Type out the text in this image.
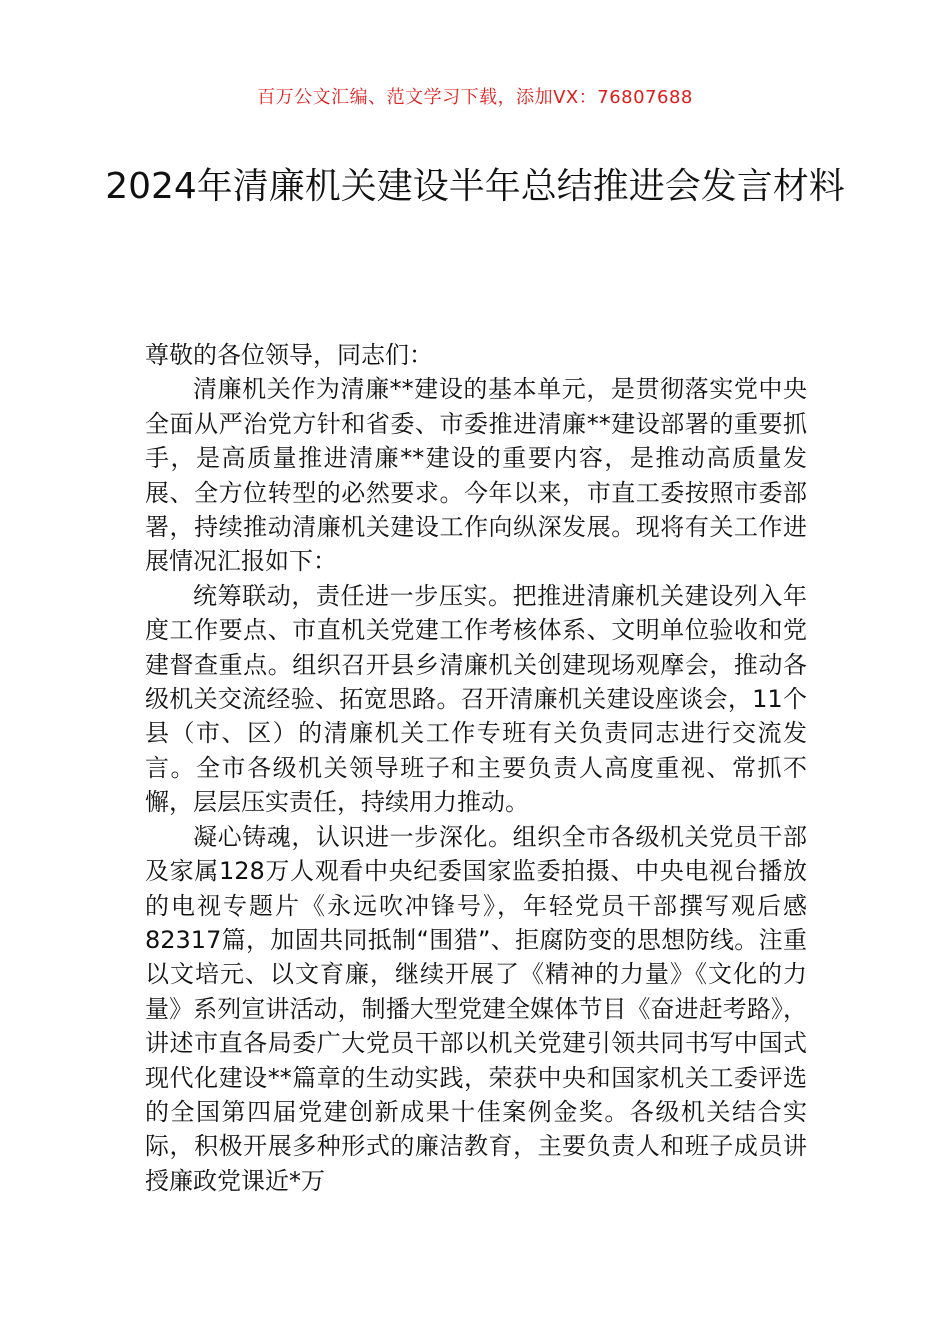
百万公文汇编、范文学习下载，添加VX：76807688
2024年清廉机关建设半年总结推进会发言材料

尊敬的各位领导，同志们：

清廉机关作为清廉**建设的基本单元，是贯彻落实党中央全面从严治党方针和省委、市委推进清廉**建设部署的重要抓手，是高质量推进清廉**建设的重要内容，是推动高质量发展、全方位转型的必然要求。今年以来，市直工委按照市委部署，持续推动清廉机关建设工作向纵深发展。现将有关工作进展情况汇报如下：

统筹联动，责任进一步压实。把推进清廉机关建设列入年度工作要点、市直机关党建工作考核体系、文明单位验收和党建督查重点。组织召开县乡清廉机关创建现场观摩会，推动各级机关交流经验、拓宽思路。召开清廉机关建设座谈会，11个县（市、区）的清廉机关工作专班有关负责同志进行交流发言。全市各级机关领导班子和主要负责人高度重视、常抓不懈，层层压实责任，持续用力推动。

凝心铸魂，认识进一步深化。组织全市各级机关党员干部及家属128万人观看中央纪委国家监委拍摄、中央电视台播放的电视专题片《永远吹冲锋号》，年轻党员干部撰写观后感82317篇，加固共同抵制“围猎”、拒腐防变的思想防线。注重以文培元、以文育廉，继续开展了《精神的力量》《文化的力量》系列宣讲活动，制播大型党建全媒体节目《奋进赶考路》，讲述市直各局委广大党员干部以机关党建引领共同书写中国式现代化建设**篇章的生动实践，荣获中央和国家机关工委评选的全国第四届党建创新成果十佳案例金奖。各级机关结合实际，积极开展多种形式的廉洁教育，主要负责人和班子成员讲授廉政党课近*万
